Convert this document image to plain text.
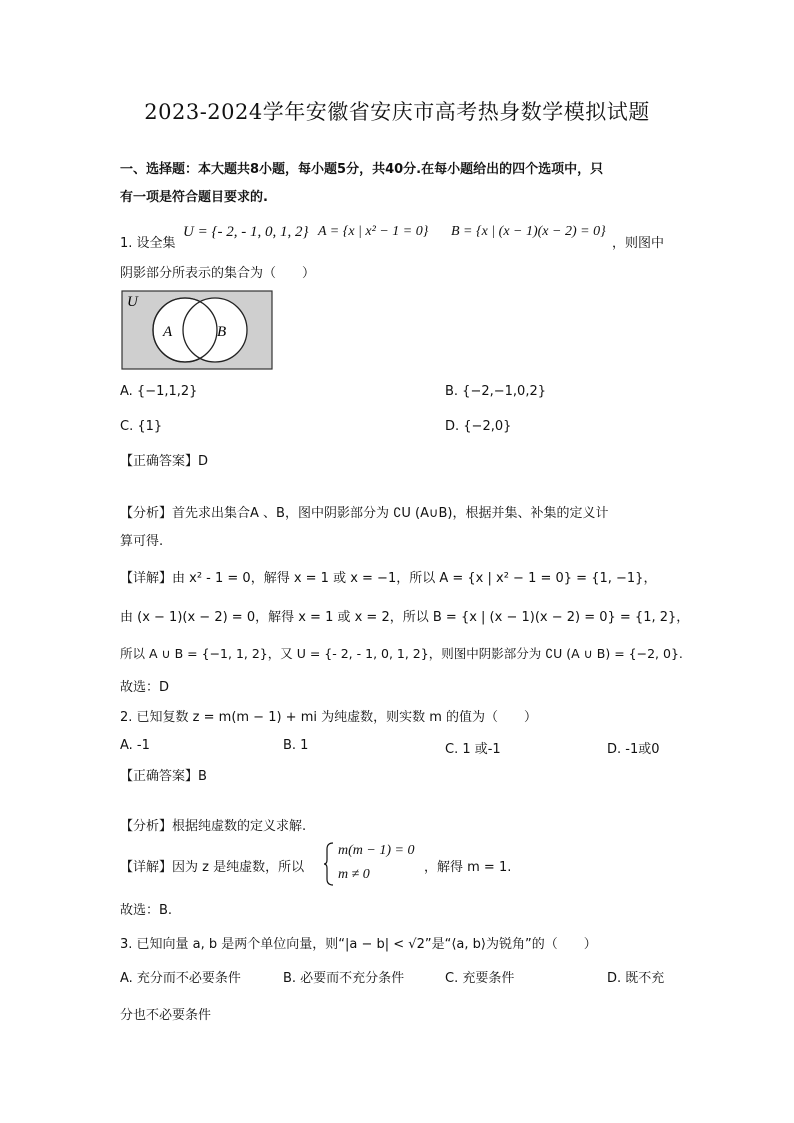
2023-2024学年安徽省安庆市高考热身数学模拟试题
一、选择题：本大题共8小题，每小题5分，共40分.在每小题给出的四个选项中，只
有一项是符合题目要求的.
1. 设全集
U = {- 2, - 1, 0, 1, 2} A = {x | x² − 1 = 0} B = {x | (x − 1)(x − 2) = 0}
，则图中
阴影部分所表示的集合为（　　）
U
A	B
A. {−1,1,2}	B. {−2,−1,0,2}
C. {1}	D. {−2,0}
【正确答案】D
【分析】首先求出集合A 、B，图中阴影部分为 ∁U (A∪B)，根据并集、补集的定义计
算可得.
【详解】由 x² - 1 = 0，解得 x = 1 或 x = −1，所以 A = {x | x² − 1 = 0} = {1, −1}，
由 (x − 1)(x − 2) = 0，解得 x = 1 或 x = 2，所以 B = {x | (x − 1)(x − 2) = 0} = {1, 2}，
所以 A ∪ B = {−1, 1, 2}，又 U = {- 2, - 1, 0, 1, 2}，则图中阴影部分为 ∁U (A ∪ B) = {−2, 0}.
故选：D
2. 已知复数 z = m(m − 1) + mi 为纯虚数，则实数 m 的值为（　　）
A. -1	B. 1	C. 1 或-1	D. -1或0
【正确答案】B
【分析】根据纯虚数的定义求解.
【详解】因为 z 是纯虚数，所以
m(m − 1) = 0
m ≠ 0	，解得 m = 1.
故选：B.
3. 已知向量 a, b 是两个单位向量，则“|a − b| < √2”是“⟨a, b⟩为锐角”的（　　）
A. 充分而不必要条件	B. 必要而不充分条件	C. 充要条件	D. 既不充
分也不必要条件
